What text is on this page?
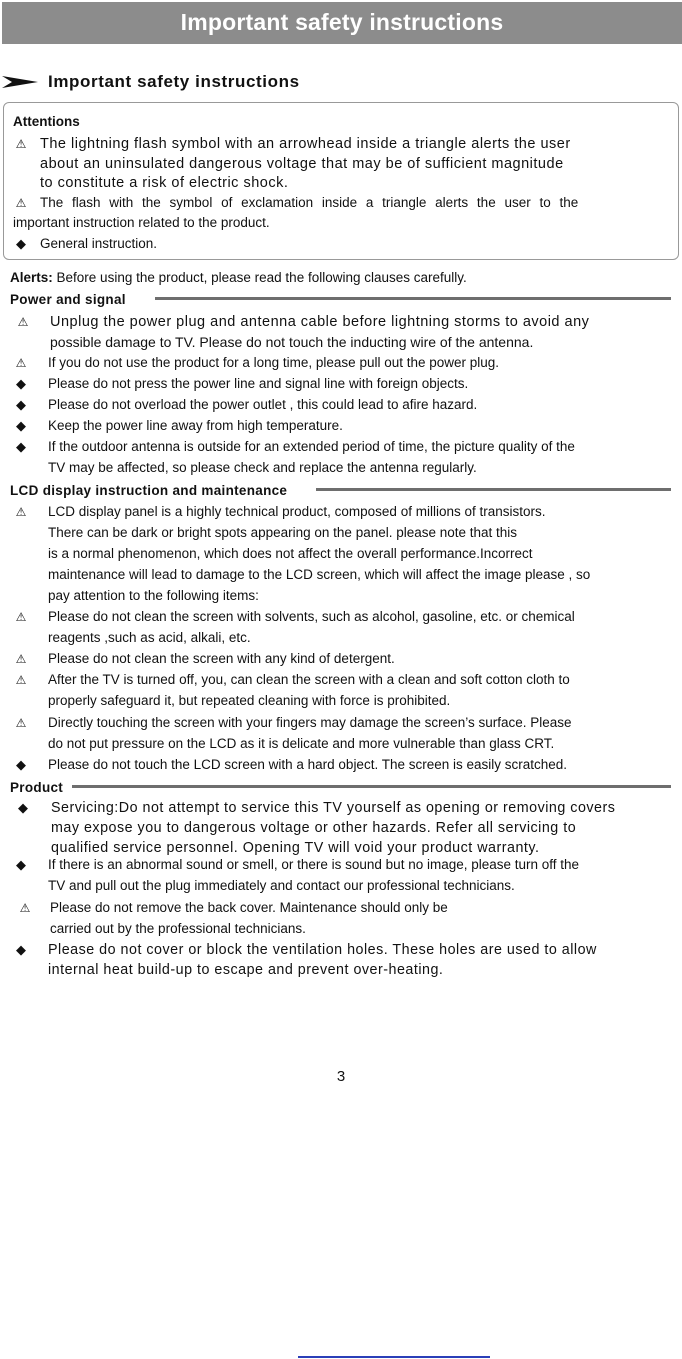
Important safety instructions
Important safety instructions
Attentions
⚠ The lightning flash symbol with an arrowhead inside a triangle alerts the user
about an uninsulated dangerous voltage that may be of sufficient magnitude
to constitute a risk of electric shock.
⚠ The flash with the symbol of exclamation inside a triangle alerts the user to the
important instruction related to the product.
◆ General instruction.
Alerts: Before using the product, please read the following clauses carefully.
Power and signal
⚠ Unplug the power plug and antenna cable before lightning storms to avoid any
possible damage to TV. Please do not touch the inducting wire of the antenna.
⚠ If you do not use the product for a long time, please pull out the power plug.
◆ Please do not press the power line and signal line with foreign objects.
◆ Please do not overload the power outlet , this could lead to afire hazard.
◆ Keep the power line away from high temperature.
◆ If the outdoor antenna is outside for an extended period of time, the picture quality of the
TV may be affected, so please check and replace the antenna regularly.
LCD display instruction and maintenance
⚠ LCD display panel is a highly technical product, composed of millions of transistors.
There can be dark or bright spots appearing on the panel. please note that this
is a normal phenomenon, which does not affect the overall performance.Incorrect
maintenance will lead to damage to the LCD screen, which will affect the image please , so
pay attention to the following items:
⚠ Please do not clean the screen with solvents, such as alcohol, gasoline, etc. or chemical
reagents ,such as acid, alkali, etc.
⚠ Please do not clean the screen with any kind of detergent.
⚠ After the TV is turned off, you, can clean the screen with a clean and soft cotton cloth to
properly safeguard it, but repeated cleaning with force is prohibited.
⚠ Directly touching the screen with your fingers may damage the screen’s surface. Please
do not put pressure on the LCD as it is delicate and more vulnerable than glass CRT.
◆ Please do not touch the LCD screen with a hard object. The screen is easily scratched.
Product
◆ Servicing:Do not attempt to service this TV yourself as opening or removing covers
may expose you to dangerous voltage or other hazards. Refer all servicing to
qualified service personnel. Opening TV will void your product warranty.
◆ If there is an abnormal sound or smell, or there is sound but no image, please turn off the
TV and pull out the plug immediately and contact our professional technicians.
⚠ Please do not remove the back cover. Maintenance should only be
carried out by the professional technicians.
◆ Please do not cover or block the ventilation holes. These holes are used to allow
internal heat build-up to escape and prevent over-heating.
3
